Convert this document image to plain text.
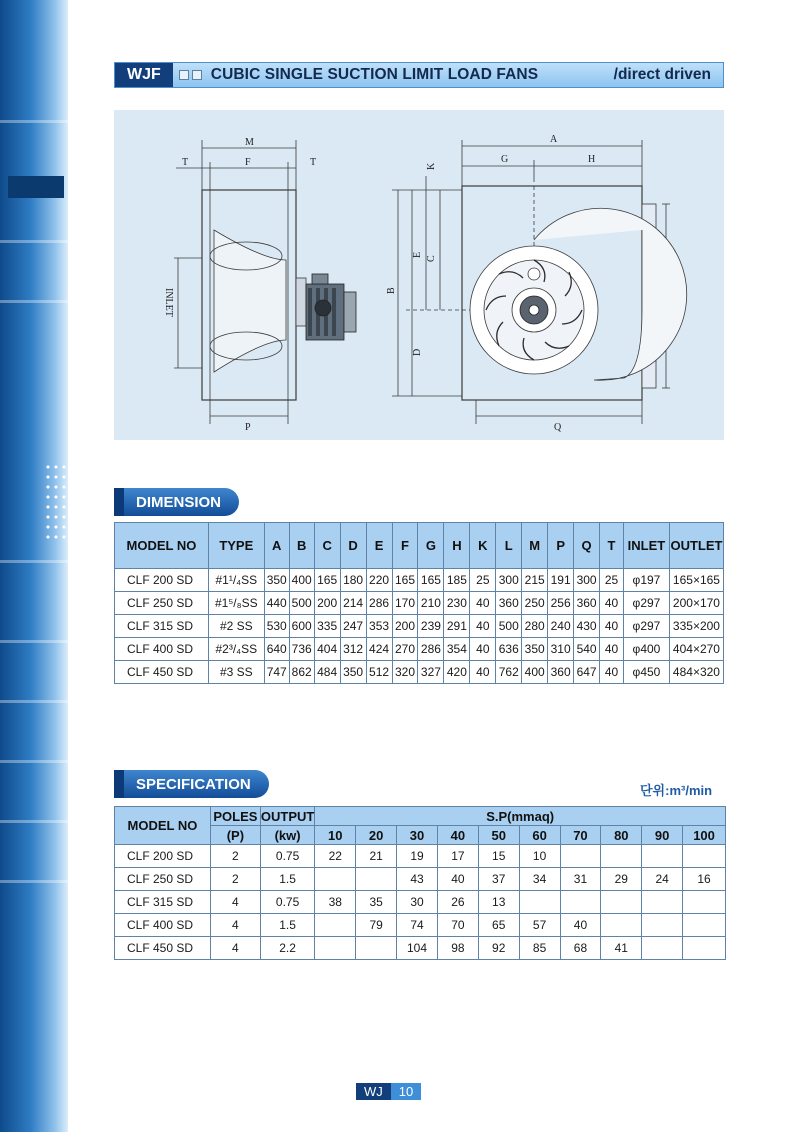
WJF	CUBIC SINGLE SUCTION LIMIT LOAD FANS	/direct driven
M
T	F	T
INLET
P
A
G	H
K
E
C
B
D
Q
DIMENSION
MODEL NO	TYPE	A	B	C	D	E	F	G	H	K	L	M	P	Q	T	INLET	OUTLET
CLF 200 SD	#1¹/₄SS	350	400	165	180	220	165	165	185	25	300	215	191	300	25	φ197	165×165
CLF 250 SD	#1⁵/₈SS	440	500	200	214	286	170	210	230	40	360	250	256	360	40	φ297	200×170
CLF 315 SD	#2 SS	530	600	335	247	353	200	239	291	40	500	280	240	430	40	φ297	335×200
CLF 400 SD	#2³/₄SS	640	736	404	312	424	270	286	354	40	636	350	310	540	40	φ400	404×270
CLF 450 SD	#3 SS	747	862	484	350	512	320	327	420	40	762	400	360	647	40	φ450	484×320
SPECIFICATION	단위:m³/min
MODEL NO	POLES	OUTPUT	S.P(mmaq)									
	(P)	(kw)	10	20	30	40	50	60	70	80	90	100
CLF 200 SD	2	0.75	22	21	19	17	15	10				
CLF 250 SD	2	1.5			43	40	37	34	31	29	24	16
CLF 315 SD	4	0.75	38	35	30	26	13					
CLF 400 SD	4	1.5		79	74	70	65	57	40			
CLF 450 SD	4	2.2			104	98	92	85	68	41		
WJ	10
